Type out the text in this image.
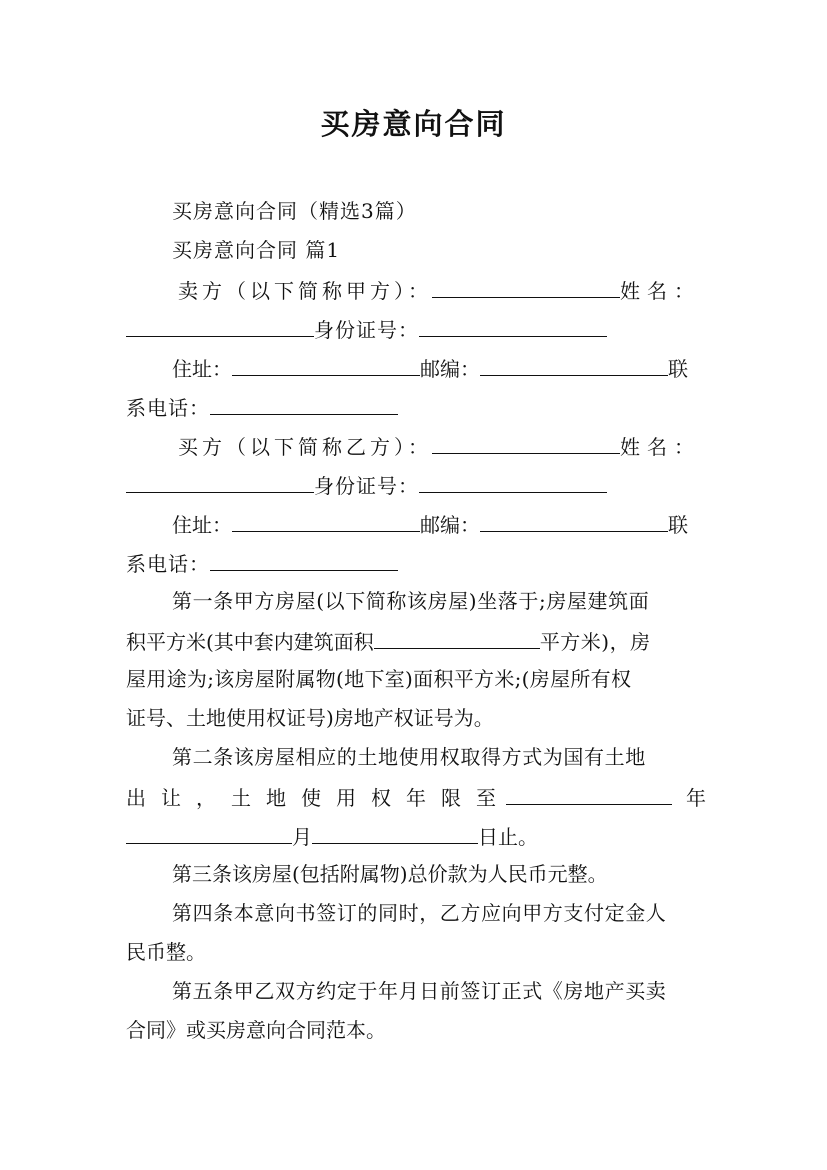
买房意向合同
买房意向合同（精选3篇）
买房意向合同 篇1
卖方（以下简称甲方）：	姓名：
身份证号：
住址：	邮编：	联
系电话：
买方（以下简称乙方）：	姓名：
身份证号：
住址：	邮编：	联
系电话：
第一条甲方房屋(以下简称该房屋)坐落于;房屋建筑面
积平方米(其中套内建筑面积	平方米)，房
屋用途为;该房屋附属物(地下室)面积平方米;(房屋所有权
证号、土地使用权证号)房地产权证号为。
第二条该房屋相应的土地使用权取得方式为国有土地
出让，土地使用权年限至	年
月	日止。
第三条该房屋(包括附属物)总价款为人民币元整。
第四条本意向书签订的同时，乙方应向甲方支付定金人
民币整。
第五条甲乙双方约定于年月日前签订正式《房地产买卖
合同》或买房意向合同范本。
